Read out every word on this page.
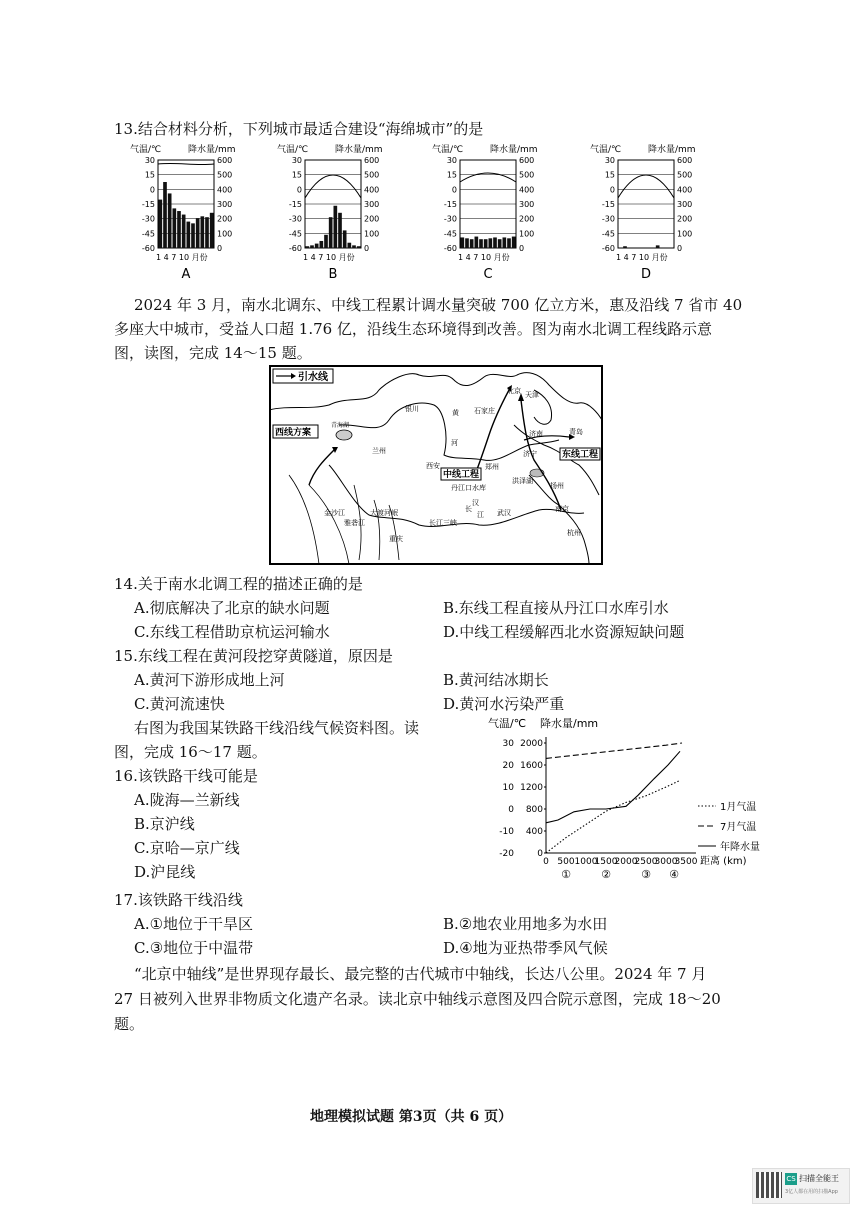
13.结合材料分析，下列城市最适合建设“海绵城市”的是
气温/℃	降水量/mm
30
15
0
-15
-30
-45
-60
600
500
400
300
200
100
0
1 4 7 10 月份
A
气温/℃	降水量/mm
30
15
0
-15
-30
-45
-60
600
500
400
300
200
100
0
1 4 7 10 月份
B
气温/℃	降水量/mm
30
15
0
-15
-30
-45
-60
600
500
400
300
200
100
0
1 4 7 10 月份
C
气温/℃	降水量/mm
30
15
0
-15
-30
-45
-60
600
500
400
300
200
100
0
1 4 7 10 月份
D
2024 年 3 月，南水北调东、中线工程累计调水量突破 700 亿立方米，惠及沿线 7 省市 40
多座大中城市，受益人口超 1.76 亿，沿线生态环境得到改善。图为南水北调工程线路示意
图，读图，完成 14～15 题。
引水线
西线方案
中线工程
东线工程
北京 天津
石家庄
银川
青海湖
兰州
西安	郑州
济南
济宁
青岛
丹江口水库
洪泽湖
扬州
南京
杭州
武汉
重庆
长江三峡
黄
河
汉
江
长
大渡河 岷
金沙江
雅砻江
14.关于南水北调工程的描述正确的是
A.彻底解决了北京的缺水问题	B.东线工程直接从丹江口水库引水
C.东线工程借助京杭运河输水	D.中线工程缓解西北水资源短缺问题
15.东线工程在黄河段挖穿黄隧道，原因是
A.黄河下游形成地上河	B.黄河结冰期长
C.黄河流速快	D.黄河水污染严重
右图为我国某铁路干线沿线气候资料图。读
图，完成 16～17 题。
16.该铁路干线可能是
A.陇海—兰新线
B.京沪线
C.京哈—京广线
D.沪昆线
气温/℃ 降水量/mm
30
20
10
0
-10
-20
2000
1600
1200
800
400
0
0 500 1000
1500
2000
2500
3000
3500 距离 (km)
①	②	③ ④
1月气温
7月气温
年降水量
17.该铁路干线沿线
A.①地位于干旱区	B.②地农业用地多为水田
C.③地位于中温带	D.④地为亚热带季风气候
“北京中轴线”是世界现存最长、最完整的古代城市中轴线，长达八公里。2024 年 7 月
27 日被列入世界非物质文化遗产名录。读北京中轴线示意图及四合院示意图，完成 18～20
题。
地理模拟试题 第3页（共 6 页）
CS 扫描全能王
3亿人都在用的扫描App
